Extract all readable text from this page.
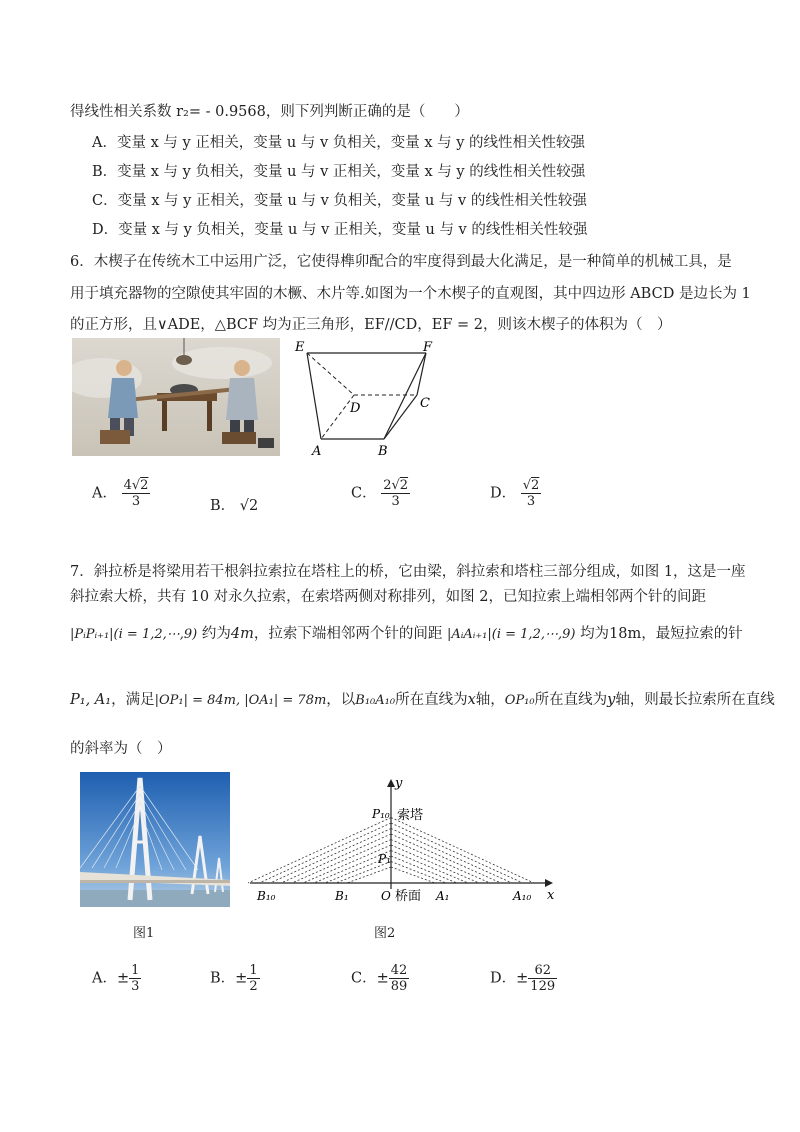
得线性相关系数 r₂= - 0.9568，则下列判断正确的是（　　）
A．变量 x 与 y 正相关，变量 u 与 v 负相关，变量 x 与 y 的线性相关性较强
B．变量 x 与 y 负相关，变量 u 与 v 正相关，变量 x 与 y 的线性相关性较强
C．变量 x 与 y 正相关，变量 u 与 v 负相关，变量 u 与 v 的线性相关性较强
D．变量 x 与 y 负相关，变量 u 与 v 正相关，变量 u 与 v 的线性相关性较强
6．木楔子在传统木工中运用广泛，它使得榫卯配合的牢度得到最大化满足，是一种简单的机械工具，是
用于填充器物的空隙使其牢固的木橛、木片等.如图为一个木楔子的直观图，其中四边形 ABCD 是边长为 1
的正方形，且∨ADE，△BCF 均为正三角形，EF//CD，EF = 2，则该木楔子的体积为（　）
E	F
D	C
A	B
A． $\frac{4√2}{3}$	B． √2
C． $\frac{2√2}{3}$	D． $\frac{√2}{3}$
7．斜拉桥是将梁用若干根斜拉索拉在塔柱上的桥，它由梁，斜拉索和塔柱三部分组成，如图 1，这是一座
斜拉索大桥，共有 10 对永久拉索，在索塔两侧对称排列，如图 2，已知拉索上端相邻两个针的间距
|PᵢPᵢ₊₁|(i = 1,2,⋯,9) 约为4m，拉索下端相邻两个针的间距 |AᵢAᵢ₊₁|(i = 1,2,⋯,9) 均为18m，最短拉索的针
P₁, A₁，满足|OP₁| = 84m, |OA₁| = 78m，以B₁₀A₁₀所在直线为x轴，OP₁₀所在直线为y轴，则最长拉索所在直线
的斜率为（　）
图1
y
x
P₁₀ 索塔
P₁
B₁₀	B₁	O 桥面 A₁	A₁₀
图2
A．± $\frac{1}{3}$	B．± $\frac{1}{2}$	C．± $\frac{42}{89}$	D．± $\frac{62}{129}$
